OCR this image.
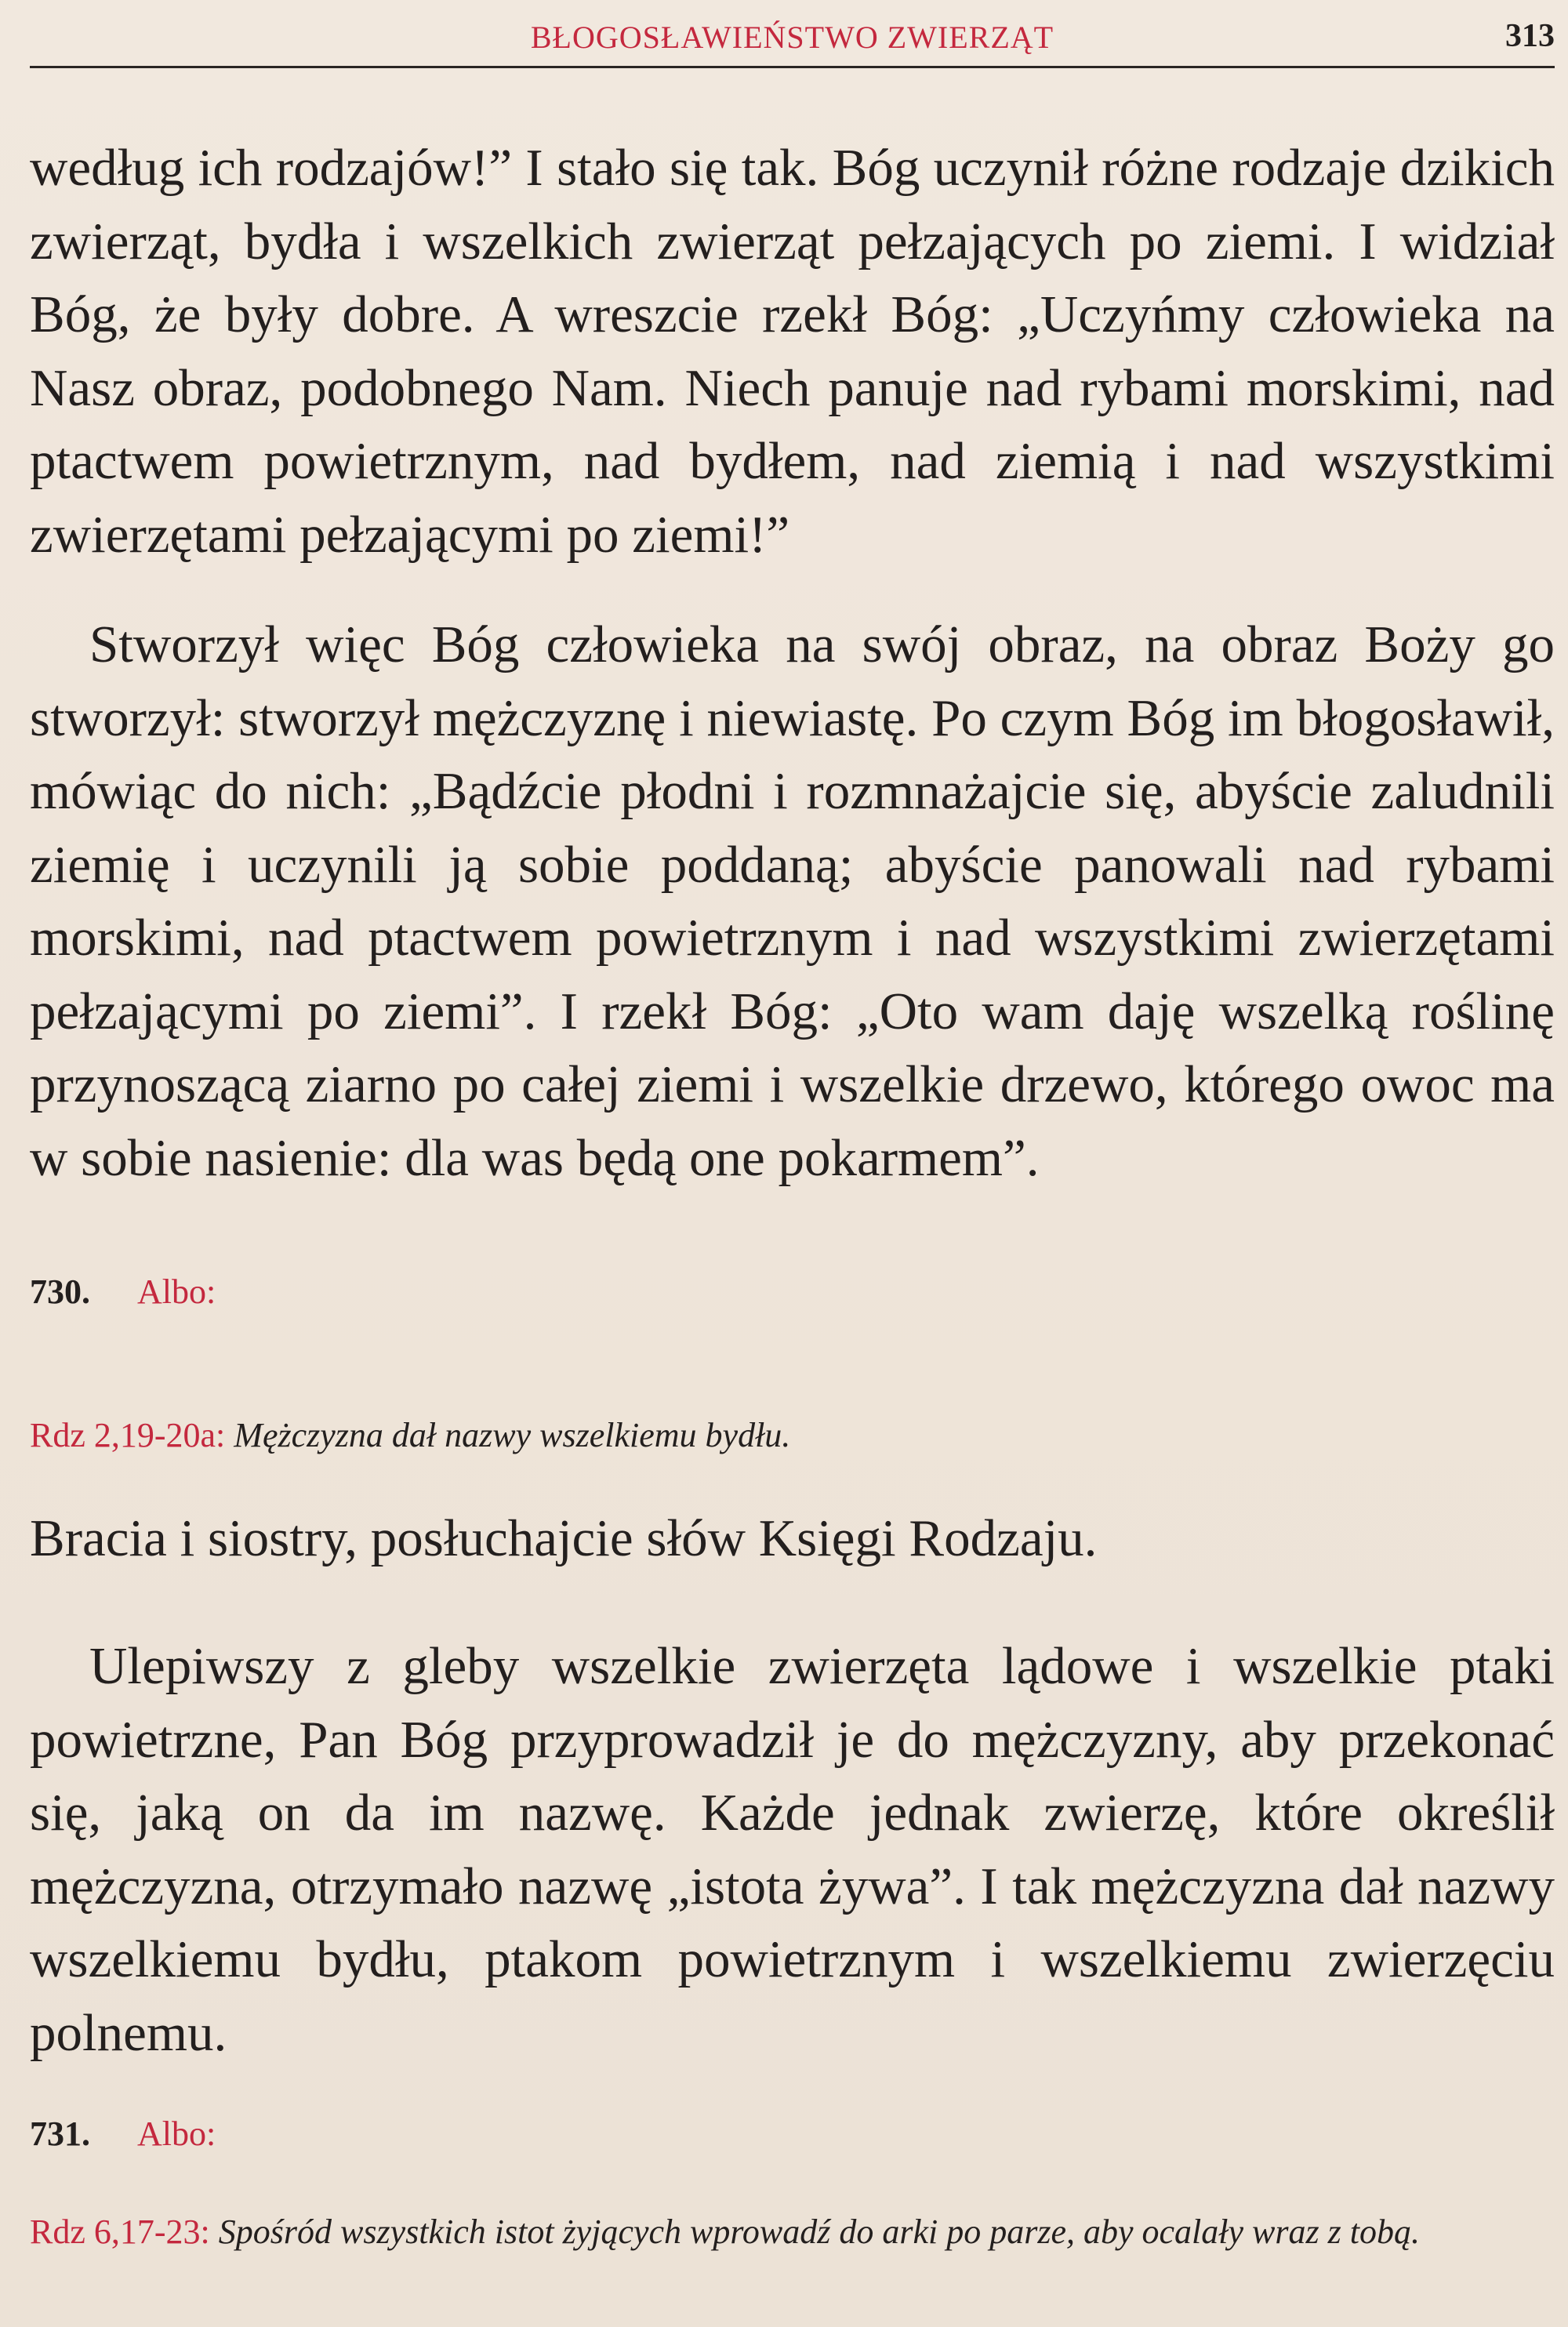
BŁOGOSŁAWIEŃSTWO ZWIERZĄT	313

według ich rodzajów!” I stało się tak. Bóg uczynił różne rodzaje dzikich zwierząt, bydła i wszelkich zwierząt pełzających po ziemi. I widział Bóg, że były dobre. A wreszcie rzekł Bóg: „Uczyńmy człowieka na Nasz obraz, podobnego Nam. Niech panuje nad rybami morskimi, nad ptactwem powietrznym, nad bydłem, nad ziemią i nad wszystkimi zwierzętami pełzającymi po ziemi!”

Stworzył więc Bóg człowieka na swój obraz, na obraz Boży go stworzył: stworzył mężczyznę i niewiastę. Po czym Bóg im błogosławił, mówiąc do nich: „Bądźcie płodni i rozmnażajcie się, abyście zaludnili ziemię i uczynili ją sobie poddaną; abyście panowali nad rybami morskimi, nad ptactwem powietrznym i nad wszystkimi zwierzętami pełzającymi po ziemi”. I rzekł Bóg: „Oto wam daję wszelką roślinę przynoszącą ziarno po całej ziemi i wszelkie drzewo, którego owoc ma w sobie nasienie: dla was będą one pokarmem”.

730. Albo:

Rdz 2,19-20a: Mężczyzna dał nazwy wszelkiemu bydłu.

Bracia i siostry, posłuchajcie słów Księgi Rodzaju.

Ulepiwszy z gleby wszelkie zwierzęta lądowe i wszelkie ptaki powietrzne, Pan Bóg przyprowadził je do mężczyzny, aby przekonać się, jaką on da im nazwę. Każde jednak zwierzę, które określił mężczyzna, otrzymało nazwę „istota żywa”. I tak mężczyzna dał nazwy wszelkiemu bydłu, ptakom powietrznym i wszelkiemu zwierzęciu polnemu.

731. Albo:

Rdz 6,17-23: Spośród wszystkich istot żyjących wprowadź do arki po parze, aby ocalały wraz z tobą.
